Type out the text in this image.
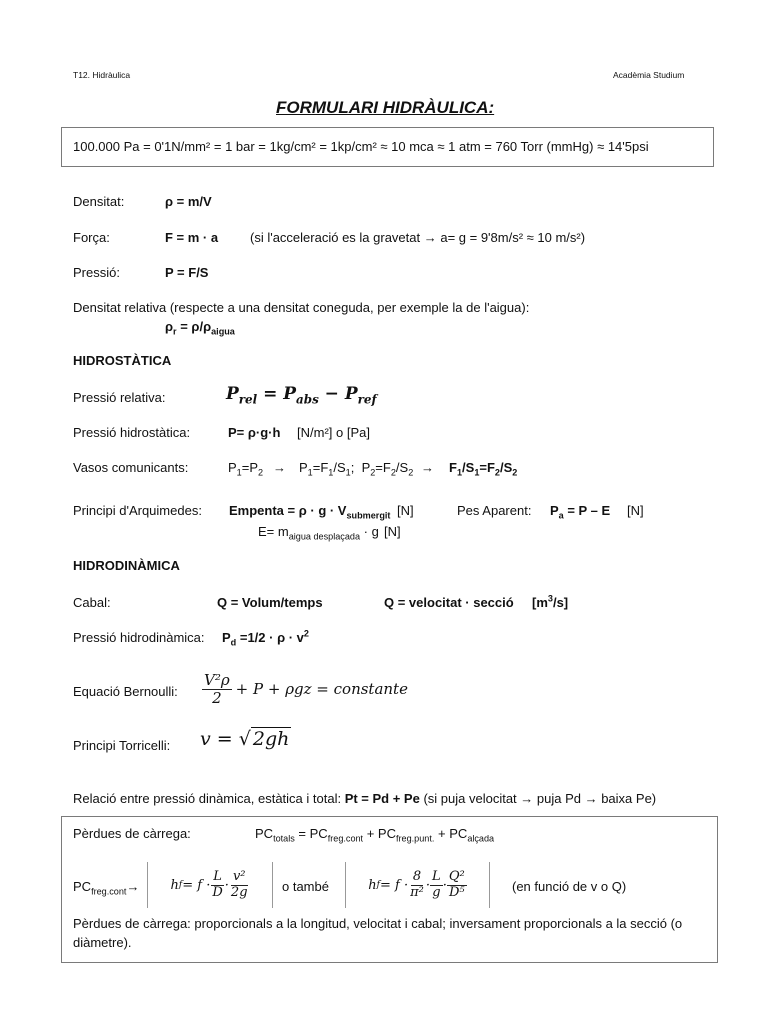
T12. Hidràulica	Acadèmia Studium
FORMULARI HIDRÀULICA:
100.000 Pa = 0'1N/mm² = 1 bar = 1kg/cm² = 1kp/cm² ≈ 10 mca ≈ 1 atm = 760 Torr (mmHg) ≈ 14'5psi
Densitat:	ρ = m/V
Força:	F = m · a (si l'acceleració es la gravetat → a= g = 9'8m/s² ≈ 10 m/s²)
Pressió:	P = F/S
Densitat relativa (respecte a una densitat coneguda, per exemple la de l'aigua):
$\rho_r = \rho/\rho_{aigua}$
HIDROSTÀTICA
Pressió relativa:	$P_{rel} = P_{abs} - P_{ref}$
Pressió hidrostàtica:	P= ρ·g·h [N/m²] o [Pa]
Vasos comunicants:	$P_1=P_2 \to P_1=F_1/S_1$; $P_2=F_2/S_2 \to F_1/S_1=F_2/S_2$
Principi d'Arquimedes: Empenta = $\rho \cdot g \cdot V_{submergit}$ [N]	Pes Aparent: $P_a = P - E$ [N]
$E= m_{aigua desplaçada} \cdot g$ [N]
HIDRODINÀMICA
Cabal:	Q = Volum/temps	Q = velocitat · secció $[m^3/s]$
Pressió hidrodinàmica: $P_d =1/2 \cdot \rho \cdot v^2$
Equació Bernoulli: $\frac{\text{V²ρ}}{2} + P + \rho gz$ = constante
Principi Torricelli: v = √ 2gh
Relació entre pressió dinàmica, estàtica i total: Pt = Pd + Pe (si puja velocitat → puja Pd → baixa Pe)
Pèrdues de càrrega:	$PC_{totals} = PC_{freg.cont} + PC_{freg.punt.} + PC_{alçada}$
$PC_{freg.cont}\to h$ $f = f \cdot \frac{L}{D} \cdot \frac{\text{v²}}{2g}$ o també	h $f = f \cdot \frac{8}{\text{π²}} \cdot \frac{L}{g} \cdot \frac{\text{Q²}}{\text{D⁵}}$	(en funció de v o Q)
Pèrdues de càrrega: proporcionals a la longitud, velocitat i cabal; inversament proporcionals a la secció (o diàmetre).
